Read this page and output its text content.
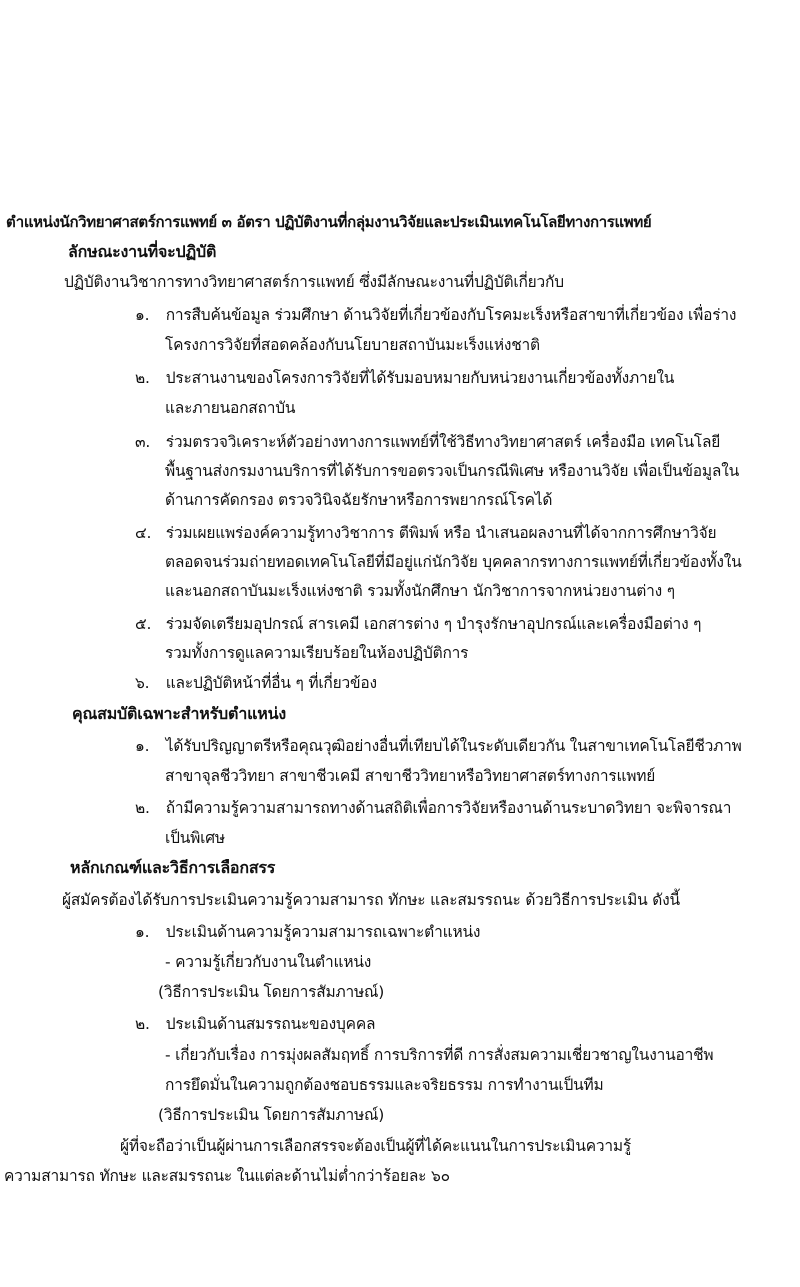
ตำแหน่งนักวิทยาศาสตร์การแพทย์ ๓ อัตรา ปฏิบัติงานที่กลุ่มงานวิจัยและประเมินเทคโนโลยีทางการแพทย์
ลักษณะงานที่จะปฏิบัติ
ปฏิบัติงานวิชาการทางวิทยาศาสตร์การแพทย์ ซึ่งมีลักษณะงานที่ปฏิบัติเกี่ยวกับ
๑. การสืบค้นข้อมูล ร่วมศึกษา ด้านวิจัยที่เกี่ยวข้องกับโรคมะเร็งหรือสาขาที่เกี่ยวข้อง เพื่อร่าง
โครงการวิจัยที่สอดคล้องกับนโยบายสถาบันมะเร็งแห่งชาติ
๒. ประสานงานของโครงการวิจัยที่ได้รับมอบหมายกับหน่วยงานเกี่ยวข้องทั้งภายใน
และภายนอกสถาบัน
๓. ร่วมตรวจวิเคราะห์ตัวอย่างทางการแพทย์ที่ใช้วิธีทางวิทยาศาสตร์ เครื่องมือ เทคโนโลยี
พื้นฐานส่งกรมงานบริการที่ได้รับการขอตรวจเป็นกรณีพิเศษ หรืองานวิจัย เพื่อเป็นข้อมูลใน
ด้านการคัดกรอง ตรวจวินิจฉัยรักษาหรือการพยากรณ์โรคได้
๔. ร่วมเผยแพร่องค์ความรู้ทางวิชาการ ตีพิมพ์ หรือ นำเสนอผลงานที่ได้จากการศึกษาวิจัย
ตลอดจนร่วมถ่ายทอดเทคโนโลยีที่มีอยู่แก่นักวิจัย บุคคลากรทางการแพทย์ที่เกี่ยวข้องทั้งใน
และนอกสถาบันมะเร็งแห่งชาติ รวมทั้งนักศึกษา นักวิชาการจากหน่วยงานต่าง ๆ
๕. ร่วมจัดเตรียมอุปกรณ์ สารเคมี เอกสารต่าง ๆ บำรุงรักษาอุปกรณ์และเครื่องมือต่าง ๆ
รวมทั้งการดูแลความเรียบร้อยในห้องปฏิบัติการ
๖. และปฏิบัติหน้าที่อื่น ๆ ที่เกี่ยวข้อง
คุณสมบัติเฉพาะสำหรับตำแหน่ง
๑. ได้รับปริญญาตรีหรือคุณวุฒิอย่างอื่นที่เทียบได้ในระดับเดียวกัน ในสาขาเทคโนโลยีชีวภาพ
สาขาจุลชีววิทยา สาขาชีวเคมี สาขาชีววิทยาหรือวิทยาศาสตร์ทางการแพทย์
๒. ถ้ามีความรู้ความสามารถทางด้านสถิติเพื่อการวิจัยหรืองานด้านระบาดวิทยา จะพิจารณา
เป็นพิเศษ
หลักเกณฑ์และวิธีการเลือกสรร
ผู้สมัครต้องได้รับการประเมินความรู้ความสามารถ ทักษะ และสมรรถนะ ด้วยวิธีการประเมิน ดังนี้
๑. ประเมินด้านความรู้ความสามารถเฉพาะตำแหน่ง
- ความรู้เกี่ยวกับงานในตำแหน่ง
(วิธีการประเมิน โดยการสัมภาษณ์)
๒. ประเมินด้านสมรรถนะของบุคคล
- เกี่ยวกับเรื่อง การมุ่งผลสัมฤทธิ์ การบริการที่ดี การสั่งสมความเชี่ยวชาญในงานอาชีพ
การยึดมั่นในความถูกต้องชอบธรรมและจริยธรรม การทำงานเป็นทีม
(วิธีการประเมิน โดยการสัมภาษณ์)
ผู้ที่จะถือว่าเป็นผู้ผ่านการเลือกสรรจะต้องเป็นผู้ที่ได้คะแนนในการประเมินความรู้
ความสามารถ ทักษะ และสมรรถนะ ในแต่ละด้านไม่ต่ำกว่าร้อยละ ๖๐
